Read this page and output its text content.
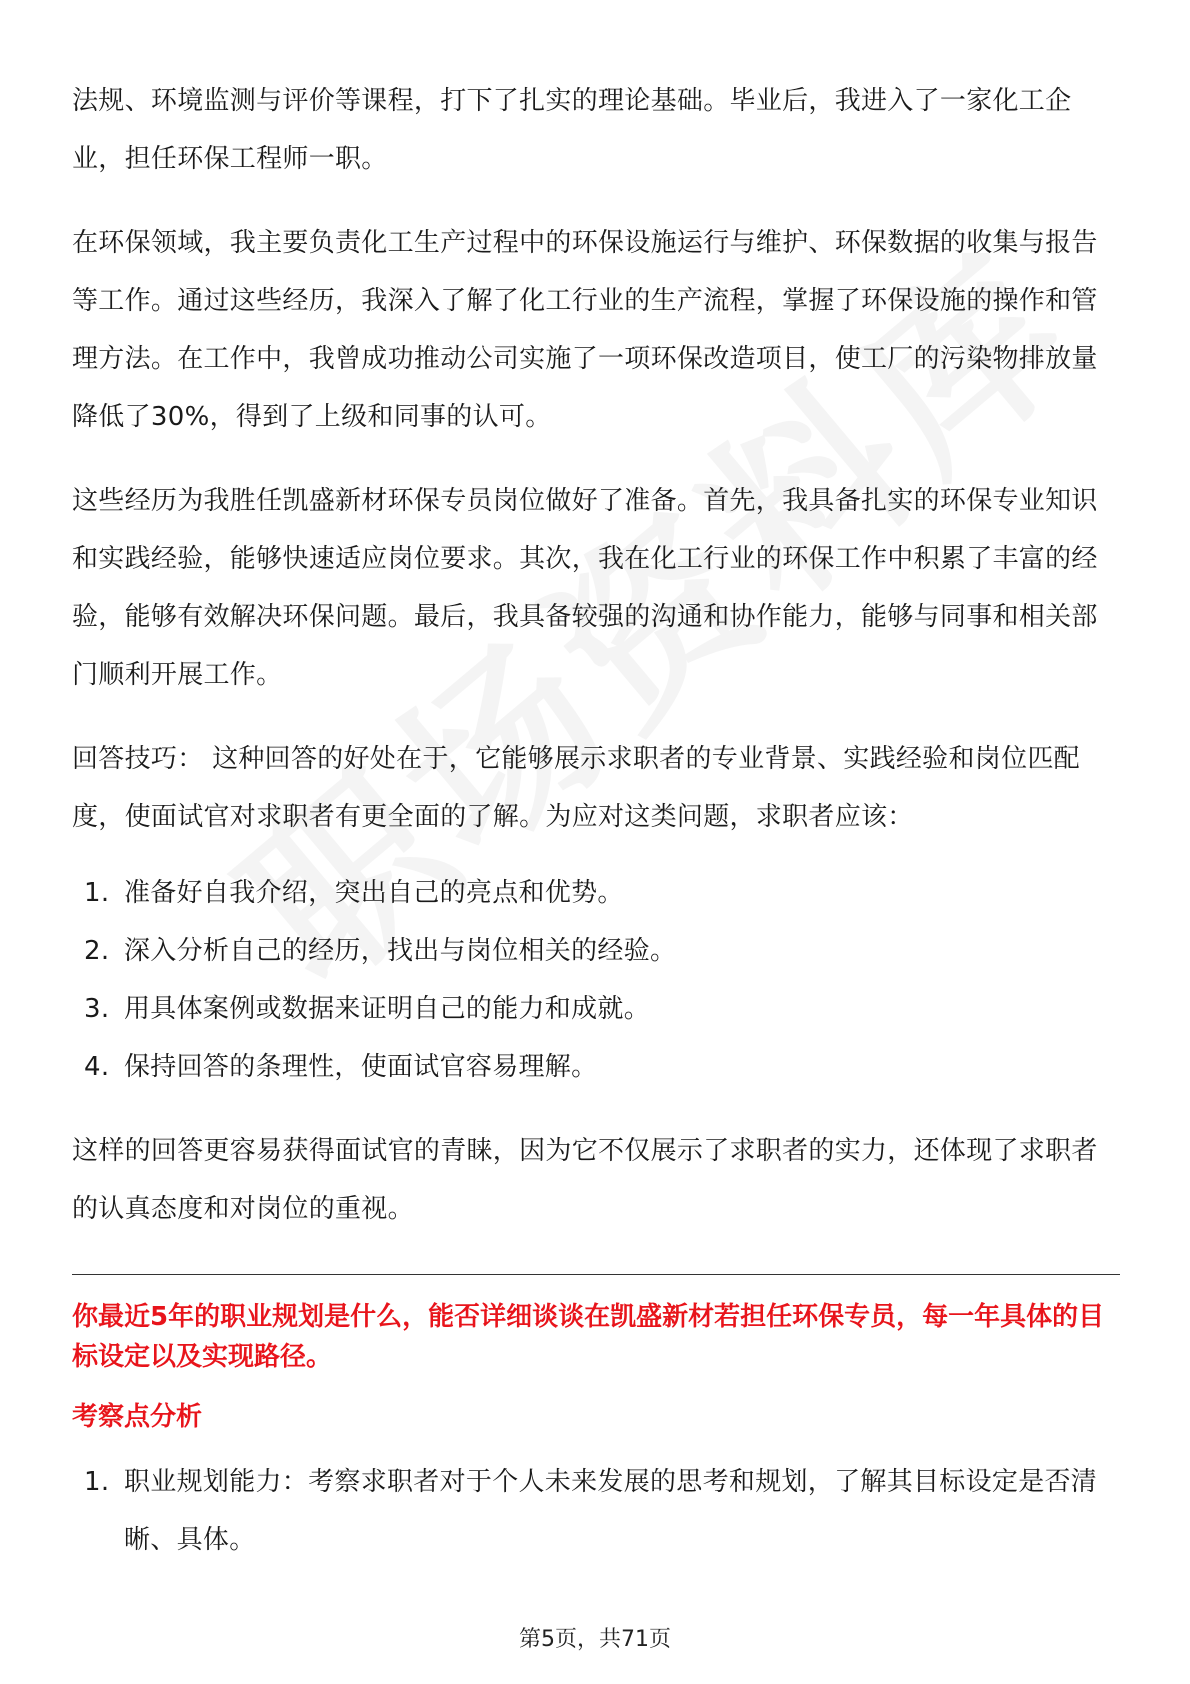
法规、环境监测与评价等课程，打下了扎实的理论基础。毕业后，我进入了一家化工企业，担任环保工程师一职。

在环保领域，我主要负责化工生产过程中的环保设施运行与维护、环保数据的收集与报告等工作。通过这些经历，我深入了解了化工行业的生产流程，掌握了环保设施的操作和管理方法。在工作中，我曾成功推动公司实施了一项环保改造项目，使工厂的污染物排放量降低了30%，得到了上级和同事的认可。

这些经历为我胜任凯盛新材环保专员岗位做好了准备。首先，我具备扎实的环保专业知识和实践经验，能够快速适应岗位要求。其次，我在化工行业的环保工作中积累了丰富的经验，能够有效解决环保问题。最后，我具备较强的沟通和协作能力，能够与同事和相关部门顺利开展工作。

回答技巧： 这种回答的好处在于，它能够展示求职者的专业背景、实践经验和岗位匹配度，使面试官对求职者有更全面的了解。为应对这类问题，求职者应该：

1. 准备好自我介绍，突出自己的亮点和优势。
2. 深入分析自己的经历，找出与岗位相关的经验。
3. 用具体案例或数据来证明自己的能力和成就。
4. 保持回答的条理性，使面试官容易理解。

这样的回答更容易获得面试官的青睐，因为它不仅展示了求职者的实力，还体现了求职者的认真态度和对岗位的重视。

你最近5年的职业规划是什么，能否详细谈谈在凯盛新材若担任环保专员，每一年具体的目标设定以及实现路径。

考察点分析

1. 职业规划能力：考察求职者对于个人未来发展的思考和规划，了解其目标设定是否清晰、具体。
第5页，共71页
